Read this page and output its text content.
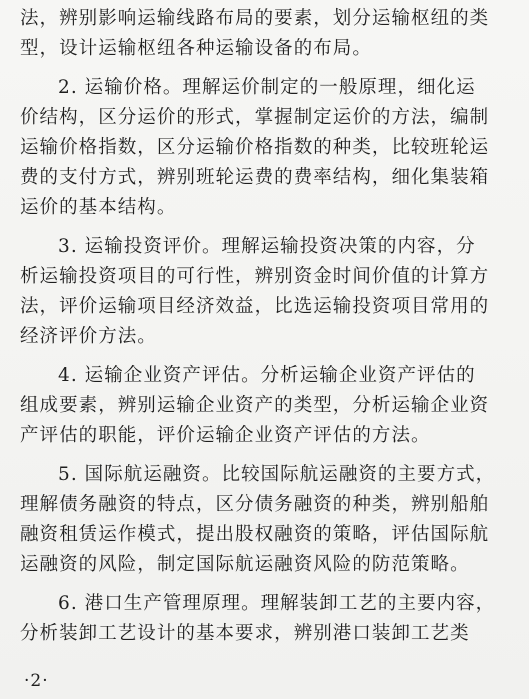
法，辨别影响运输线路布局的要素，划分运输枢纽的类
型，设计运输枢纽各种运输设备的布局。
2. 运输价格。理解运价制定的一般原理，细化运
价结构，区分运价的形式，掌握制定运价的方法，编制
运输价格指数，区分运输价格指数的种类，比较班轮运
费的支付方式，辨别班轮运费的费率结构，细化集装箱
运价的基本结构。
3. 运输投资评价。理解运输投资决策的内容，分
析运输投资项目的可行性，辨别资金时间价值的计算方
法，评价运输项目经济效益，比选运输投资项目常用的
经济评价方法。
4. 运输企业资产评估。分析运输企业资产评估的
组成要素，辨别运输企业资产的类型，分析运输企业资
产评估的职能，评价运输企业资产评估的方法。
5. 国际航运融资。比较国际航运融资的主要方式，
理解债务融资的特点，区分债务融资的种类，辨别船舶
融资租赁运作模式，提出股权融资的策略，评估国际航
运融资的风险，制定国际航运融资风险的防范策略。
6. 港口生产管理原理。理解装卸工艺的主要内容，
分析装卸工艺设计的基本要求，辨别港口装卸工艺类
·2·
